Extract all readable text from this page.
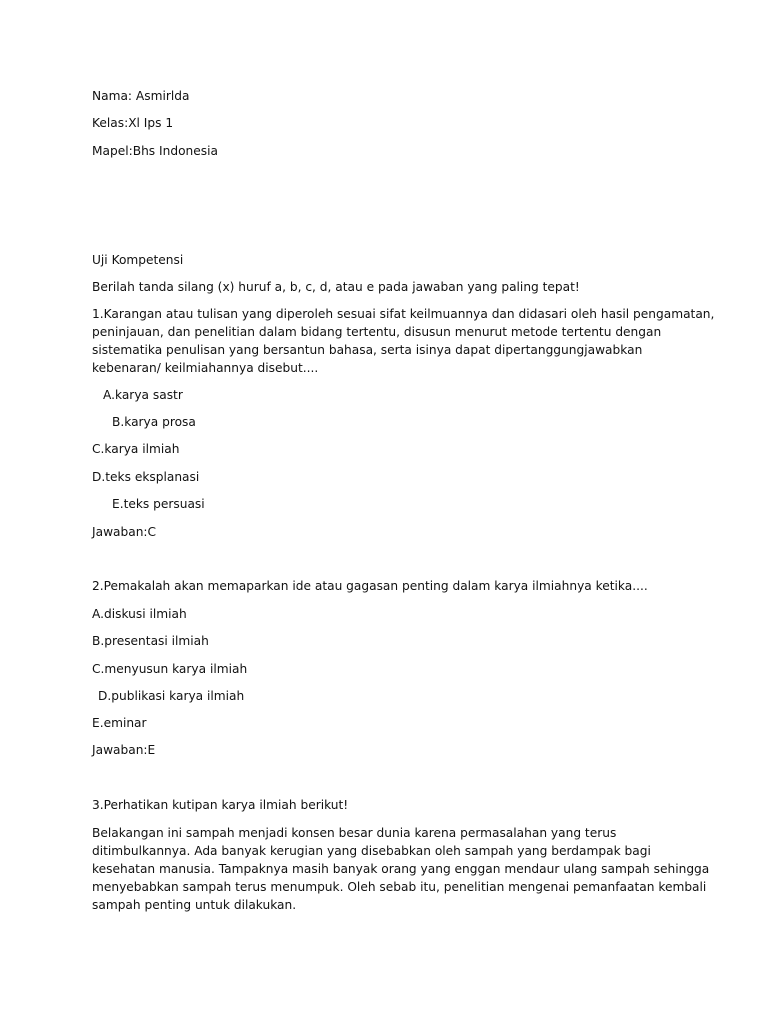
Nama: Asmirlda
Kelas:Xl Ips 1
Mapel:Bhs Indonesia
Uji Kompetensi
Berilah tanda silang (x) huruf a, b, c, d, atau e pada jawaban yang paling tepat!
1.Karangan atau tulisan yang diperoleh sesuai sifat keilmuannya dan didasari oleh hasil pengamatan,
peninjauan, dan penelitian dalam bidang tertentu, disusun menurut metode tertentu dengan
sistematika penulisan yang bersantun bahasa, serta isinya dapat dipertanggungjawabkan
kebenaran/ keilmiahannya disebut....
A.karya sastr
B.karya prosa
C.karya ilmiah
D.teks eksplanasi
E.teks persuasi
Jawaban:C
2.Pemakalah akan memaparkan ide atau gagasan penting dalam karya ilmiahnya ketika....
A.diskusi ilmiah
B.presentasi ilmiah
C.menyusun karya ilmiah
D.publikasi karya ilmiah
E.eminar
Jawaban:E
3.Perhatikan kutipan karya ilmiah berikut!
Belakangan ini sampah menjadi konsen besar dunia karena permasalahan yang terus
ditimbulkannya. Ada banyak kerugian yang disebabkan oleh sampah yang berdampak bagi
kesehatan manusia. Tampaknya masih banyak orang yang enggan mendaur ulang sampah sehingga
menyebabkan sampah terus menumpuk. Oleh sebab itu, penelitian mengenai pemanfaatan kembali
sampah penting untuk dilakukan.
